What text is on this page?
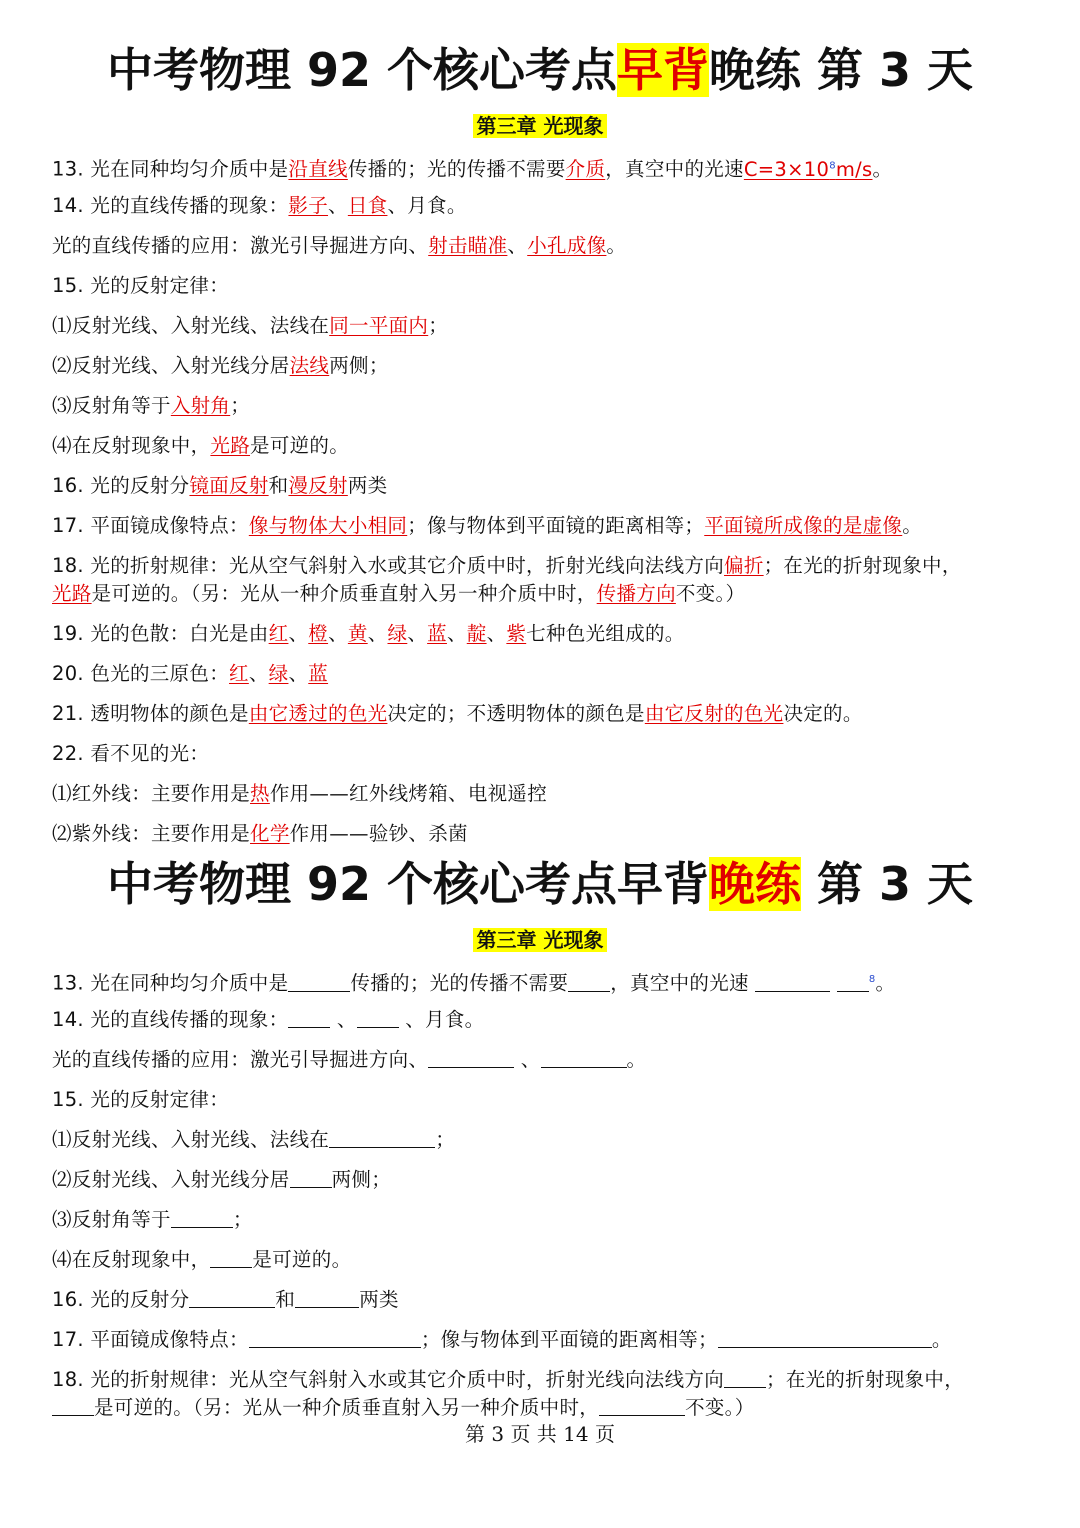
中考物理 92 个核心考点早背晚练 第 3 天
第三章 光现象
13. 光在同种均匀介质中是沿直线传播的；光的传播不需要介质，真空中的光速$C=3\times 10^8m/s$。
14. 光的直线传播的现象：影子、日食、月食。
光的直线传播的应用：激光引导掘进方向、射击瞄准、小孔成像。
15. 光的反射定律：
⑴反射光线、入射光线、法线在同一平面内；
⑵反射光线、入射光线分居法线两侧；
⑶反射角等于入射角；
⑷在反射现象中，光路是可逆的。
16. 光的反射分镜面反射和漫反射两类
17. 平面镜成像特点：像与物体大小相同；像与物体到平面镜的距离相等；平面镜所成像的是虚像。
18. 光的折射规律：光从空气斜射入水或其它介质中时，折射光线向法线方向偏折；在光的折射现象中，
光路是可逆的。（另：光从一种介质垂直射入另一种介质中时，传播方向不变。）
19. 光的色散：白光是由红、橙、黄、绿、蓝、靛、紫七种色光组成的。
20. 色光的三原色：红、绿、蓝
21. 透明物体的颜色是由它透过的色光决定的；不透明物体的颜色是由它反射的色光决定的。
22. 看不见的光：
⑴红外线：主要作用是热作用——红外线烤箱、电视遥控
⑵紫外线：主要作用是化学作用——验钞、杀菌
中考物理 92 个核心考点早背晚练 第 3 天
第三章 光现象
13. 光在同种均匀介质中是	传播的；光的传播不需要 ，真空中的光速	$^8$。
14. 光的直线传播的现象： 、 、月食。
光的直线传播的应用：激光引导掘进方向、	、	。
15. 光的反射定律：
⑴反射光线、入射光线、法线在	；
⑵反射光线、入射光线分居 两侧；
⑶反射角等于	；
⑷在反射现象中， 是可逆的。
16. 光的反射分	和	两类
17. 平面镜成像特点：	；像与物体到平面镜的距离相等；	。
18. 光的折射规律：光从空气斜射入水或其它介质中时，折射光线向法线方向 ；在光的折射现象中，
是可逆的。（另：光从一种介质垂直射入另一种介质中时，	不变。）
第 3 页 共 14 页
